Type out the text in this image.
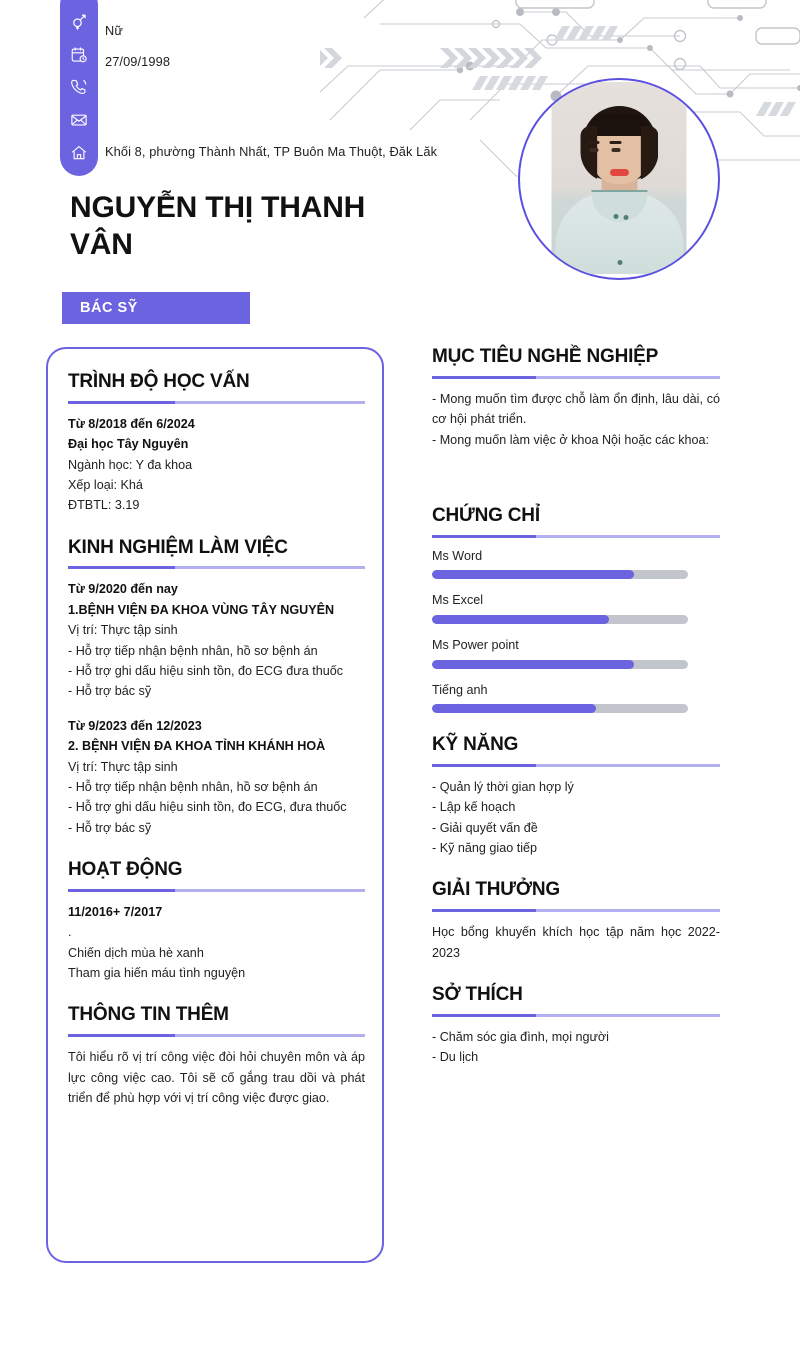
Nữ
27/09/1998
Khối 8, phường Thành Nhất, TP Buôn Ma Thuột, Đăk Lăk
NGUYỄN THỊ THANH VÂN
BÁC SỸ
TRÌNH ĐỘ HỌC VẤN
Từ 8/2018 đến 6/2024
Đại học Tây Nguyên
Ngành học: Y đa khoa
Xếp loại: Khá
ĐTBTL: 3.19
KINH NGHIỆM LÀM VIỆC
Từ 9/2020 đến nay
1.BỆNH VIỆN ĐA KHOA VÙNG TÂY NGUYÊN
Vị trí: Thực tập sinh
- Hỗ trợ tiếp nhận bệnh nhân, hồ sơ bệnh án
- Hỗ trợ ghi dấu hiệu sinh tồn, đo ECG đưa thuốc
- Hỗ trợ bác sỹ
Từ 9/2023 đến 12/2023
2. BỆNH VIỆN ĐA KHOA TỈNH KHÁNH HOÀ
Vị trí: Thực tập sinh
- Hỗ trợ tiếp nhận bệnh nhân, hồ sơ bệnh án
- Hỗ trợ ghi dấu hiệu sinh tồn, đo ECG, đưa thuốc
- Hỗ trợ bác sỹ
HOẠT ĐỘNG
11/2016+ 7/2017
.
Chiến dịch mùa hè xanh
Tham gia hiến máu tình nguyện
THÔNG TIN THÊM
Tôi hiểu rõ vị trí công việc đòi hỏi chuyên môn và áp lực công việc cao. Tôi sẽ cố gắng trau dồi và phát triển để phù hợp với vị trí công việc được giao.
MỤC TIÊU NGHỀ NGHIỆP
- Mong muốn tìm được chỗ làm ổn định, lâu dài, có cơ hội phát triển.
- Mong muốn làm việc ở khoa Nội hoặc các khoa:
CHỨNG CHỈ
Ms Word
Ms Excel
Ms Power point
Tiếng anh
KỸ NĂNG
- Quản lý thời gian hợp lý
- Lập kế hoạch
- Giải quyết vấn đề
- Kỹ năng giao tiếp
GIẢI THƯỞNG
Học bổng khuyến khích học tập năm học 2022-2023
SỞ THÍCH
- Chăm sóc gia đình, mọi người
- Du lịch
